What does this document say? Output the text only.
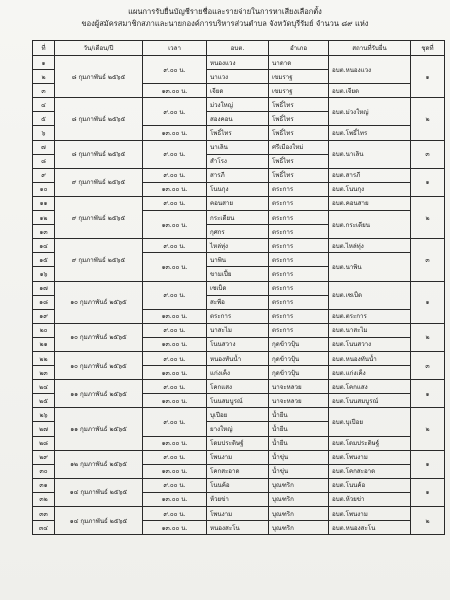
แผนการรับยื่นบัญชีรายชื่อและรายจ่ายในการหาเสียงเลือกตั้ง
ของผู้สมัครสมาชิกสภาและนายกองค์การบริหารส่วนตำบล จังหวัดบุรีรัมย์ จำนวน ๘๙ แห่ง
ที่	วัน/เดือน/ปี	เวลา	อบต.	อำเภอ	สถานที่รับยื่น	ชุดที่
๑	๘ กุมภาพันธ์ ๒๕๖๕	๙.๐๐ น.	หนองแวง	นาดาด	อบต.หนองแวง	๑
๒			นาแวง	เขมราฐ		
๓		๑๓.๐๐ น.	เจียด	เขมราฐ	อบต.เจียด	
๔	๘ กุมภาพันธ์ ๒๕๖๕	๙.๐๐ น.	ม่วงใหญ่	โพธิ์ไทร	อบต.ม่วงใหญ่	๒
๕			สองคอน	โพธิ์ไทร		
๖		๑๓.๐๐ น.	โพธิ์ไทร	โพธิ์ไทร	อบต.โพธิ์ไทร	
๗	๘ กุมภาพันธ์ ๒๕๖๕	๙.๐๐ น.	นาเลิน	ศรีเมืองใหม่	อบต.นาเลิน	๓
๘			สำโรง	โพธิ์ไทร		
๙	๙ กุมภาพันธ์ ๒๕๖๕	๙.๐๐ น.	สารภี	โพธิ์ไทร	อบต.สารภี	๑
๑๐		๑๓.๐๐ น.	โนนกุง	ตระการ	อบต.โนนกุง	
๑๑	๙ กุมภาพันธ์ ๒๕๖๕	๙.๐๐ น.	คอนสาย	ตระการ	อบต.คอนสาย	๒
๑๒		๑๓.๐๐ น.	กระเดียน	ตระการ	อบต.กระเดียน	
๑๓			กุศกร	ตระการ		
๑๔	๙ กุมภาพันธ์ ๒๕๖๕	๙.๐๐ น.	ไหล่ทุ่ง	ตระการ	อบต.ไหล่ทุ่ง	๓
๑๕		๑๓.๐๐ น.	นาพิน	ตระการ	อบต.นาพิน	
๑๖			ขามเปี้ย	ตระการ		
๑๗	๑๐ กุมภาพันธ์ ๒๕๖๕	๙.๐๐ น.	เซเป็ด	ตระการ	อบต.เซเป็ด	๑
๑๘			สะพือ	ตระการ		
๑๙		๑๓.๐๐ น.	ตระการ	ตระการ	อบต.ตระการ	
๒๐	๑๐ กุมภาพันธ์ ๒๕๖๕	๙.๐๐ น.	นาสะไม	ตระการ	อบต.นาสะไม	๒
๒๑		๑๓.๐๐ น.	โนนสวาง	กุดข้าวปุ้น	อบต.โนนสวาง	
๒๒	๑๐ กุมภาพันธ์ ๒๕๖๕	๙.๐๐ น.	หนองทันน้ำ	กุดข้าวปุ้น	อบต.หนองทันน้ำ	๓
๒๓		๑๓.๐๐ น.	แก่งเค็ง	กุดข้าวปุ้น	อบต.แก่งเค็ง	
๒๔	๑๑ กุมภาพันธ์ ๒๕๖๕	๙.๐๐ น.	โคกแสง	นาจะหลวย	อบต.โคกแสง	๑
๒๕		๑๓.๐๐ น.	โนนสมบูรณ์	นาจะหลวย	อบต.โนนสมบูรณ์	
๒๖	๑๑ กุมภาพันธ์ ๒๕๖๕	๙.๐๐ น.	บุเปือย	น้ำยืน	อบต.บุเปือย	๒
๒๗			ยางใหญ่	น้ำยืน		
๒๘		๑๓.๐๐ น.	โดมประดิษฐ์	น้ำยืน	อบต.โดมประดิษฐ์	
๒๙	๑๒ กุมภาพันธ์ ๒๕๖๕	๙.๐๐ น.	โพนงาม	น้ำขุ่น	อบต.โพนงาม	๑
๓๐		๑๓.๐๐ น.	โคกสะอาด	น้ำขุ่น	อบต.โคกสะอาด	
๓๑	๑๔ กุมภาพันธ์ ๒๕๖๕	๙.๐๐ น.	โนนค้อ	บุณฑริก	อบต.โนนค้อ	๑
๓๒		๑๓.๐๐ น.	ห้วยข่า	บุณฑริก	อบต.ห้วยข่า	
๓๓	๑๔ กุมภาพันธ์ ๒๕๖๕	๙.๐๐ น.	โพนงาม	บุณฑริก	อบต.โพนงาม	๒
๓๔		๑๓.๐๐ น.	หนองสะโน	บุณฑริก	อบต.หนองสะโน	
